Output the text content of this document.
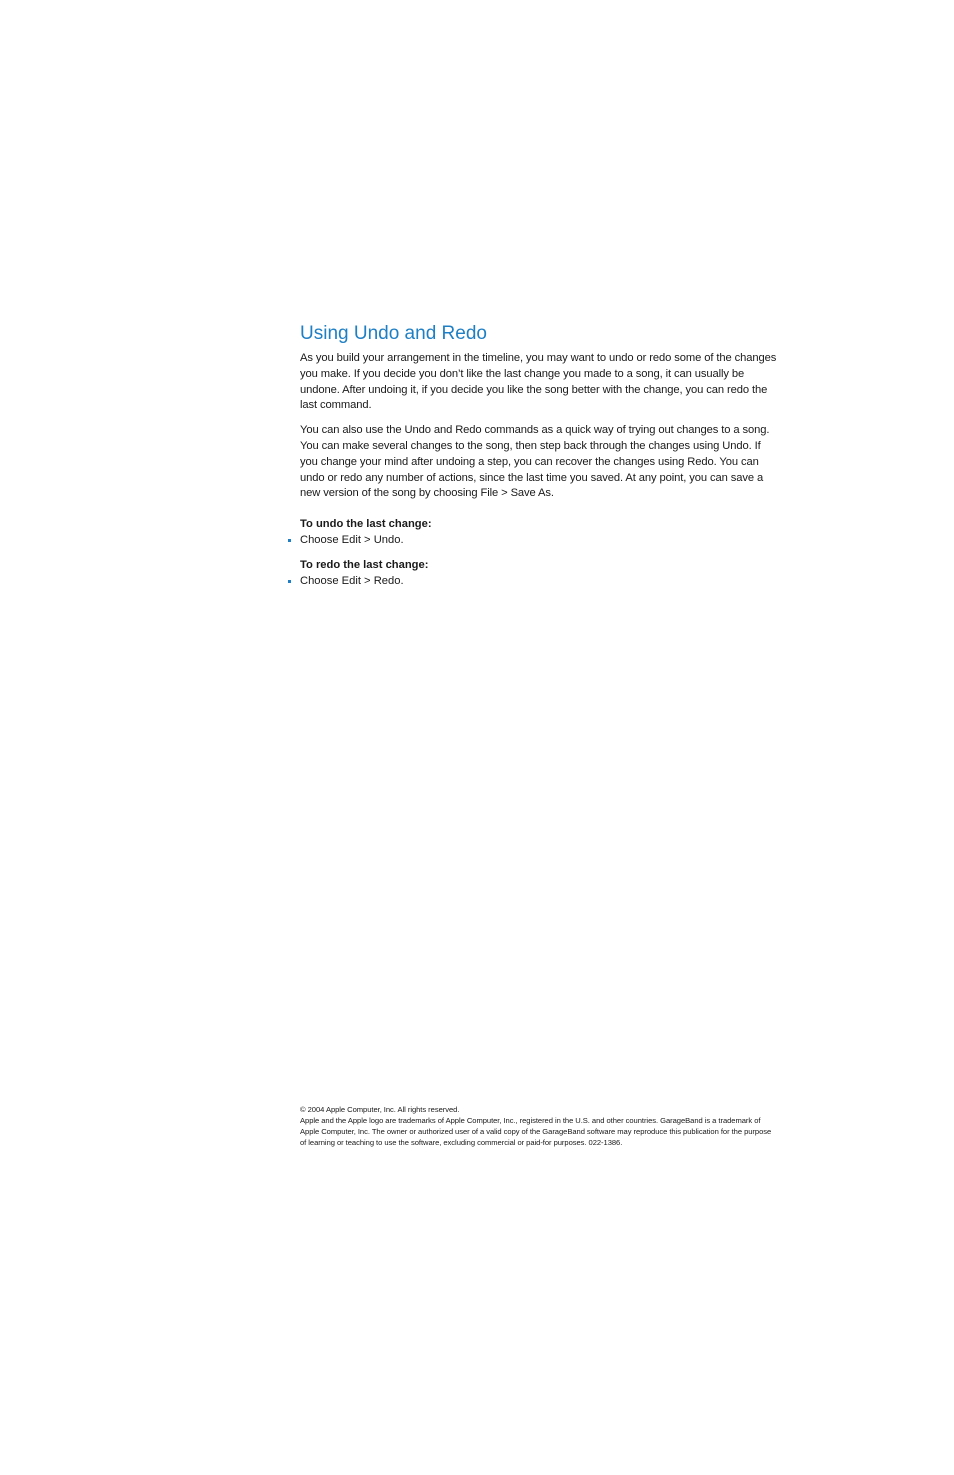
Using Undo and Redo

As you build your arrangement in the timeline, you may want to undo or redo some of the changes you make. If you decide you don’t like the last change you made to a song, it can usually be undone. After undoing it, if you decide you like the song better with the change, you can redo the last command.

You can also use the Undo and Redo commands as a quick way of trying out changes to a song. You can make several changes to the song, then step back through the changes using Undo. If you change your mind after undoing a step, you can recover the changes using Redo. You can undo or redo any number of actions, since the last time you saved. At any point, you can save a new version of the song by choosing File > Save As.

To undo the last change:
Choose Edit > Undo.
To redo the last change:
Choose Edit > Redo.

© 2004 Apple Computer, Inc. All rights reserved.

Apple and the Apple logo are trademarks of Apple Computer, Inc., registered in the U.S. and other countries. GarageBand is a trademark of Apple Computer, Inc. The owner or authorized user of a valid copy of the GarageBand software may reproduce this publication for the purpose of learning or teaching to use the software, excluding commercial or paid-for purposes. 022-1386.
